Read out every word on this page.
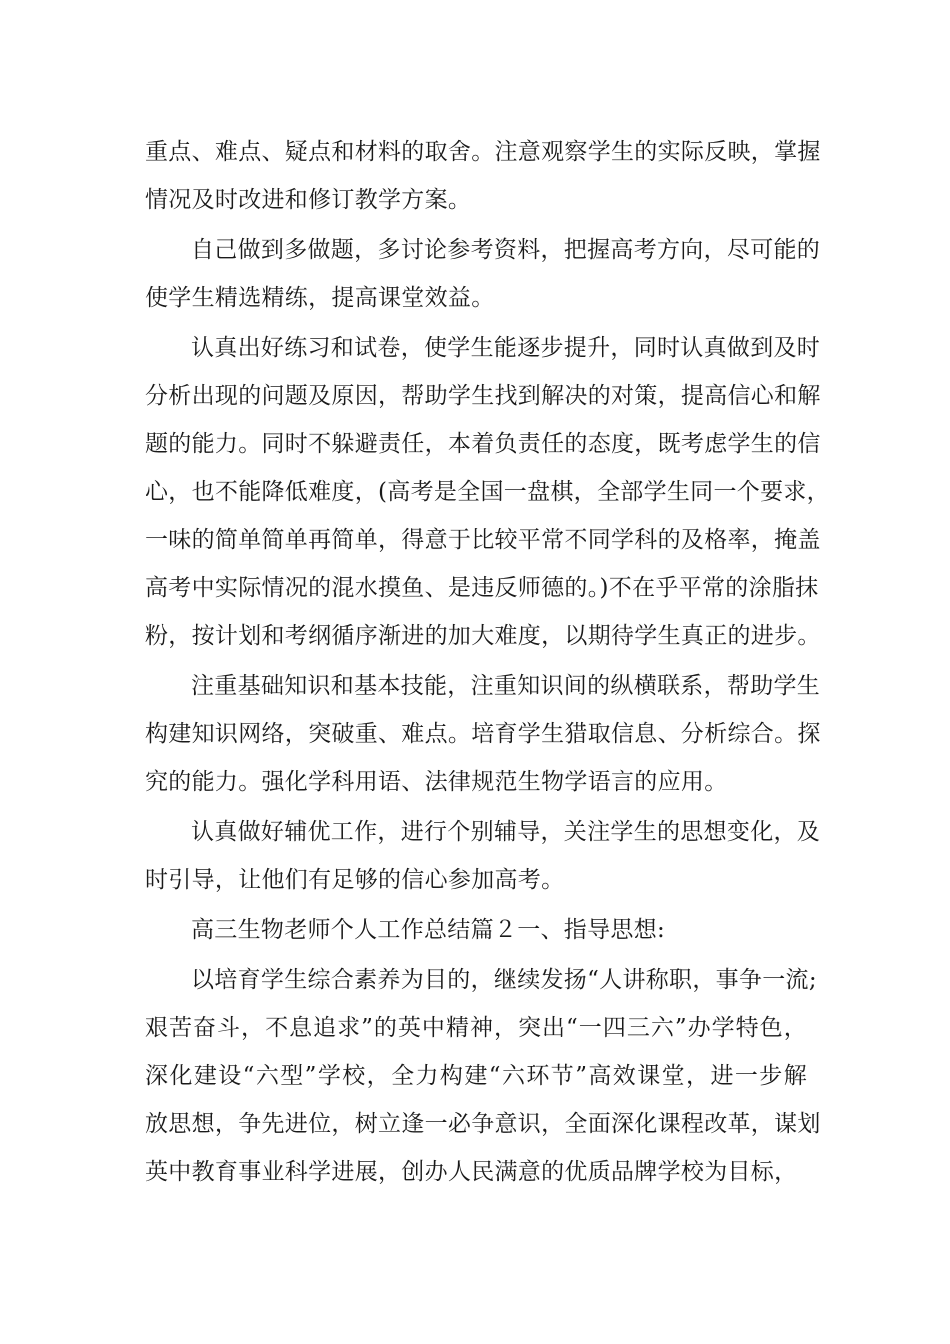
重点、难点、疑点和材料的取舍。注意观察学生的实际反映，掌握
情况及时改进和修订教学方案。
自己做到多做题，多讨论参考资料，把握高考方向，尽可能的
使学生精选精练，提高课堂效益。
认真出好练习和试卷，使学生能逐步提升，同时认真做到及时
分析出现的问题及原因，帮助学生找到解决的对策，提高信心和解
题的能力。同时不躲避责任，本着负责任的态度，既考虑学生的信
心，也不能降低难度，(高考是全国一盘棋，全部学生同一个要求，
一味的简单简单再简单，得意于比较平常不同学科的及格率，掩盖
高考中实际情况的混水摸鱼、是违反师德的。)不在乎平常的涂脂抹
粉，按计划和考纲循序渐进的加大难度，以期待学生真正的进步。
注重基础知识和基本技能，注重知识间的纵横联系，帮助学生
构建知识网络，突破重、难点。培育学生猎取信息、分析综合。探
究的能力。强化学科用语、法律规范生物学语言的应用。
认真做好辅优工作，进行个别辅导，关注学生的思想变化，及
时引导，让他们有足够的信心参加高考。
高三生物老师个人工作总结篇２一、指导思想:
以培育学生综合素养为目的，继续发扬“人讲称职，事争一流;
艰苦奋斗，不息追求”的英中精神，突出“一四三六”办学特色，
深化建设“六型”学校，全力构建“六环节”高效课堂，进一步解
放思想，争先进位，树立逢一必争意识，全面深化课程改革，谋划
英中教育事业科学进展，创办人民满意的优质品牌学校为目标，
